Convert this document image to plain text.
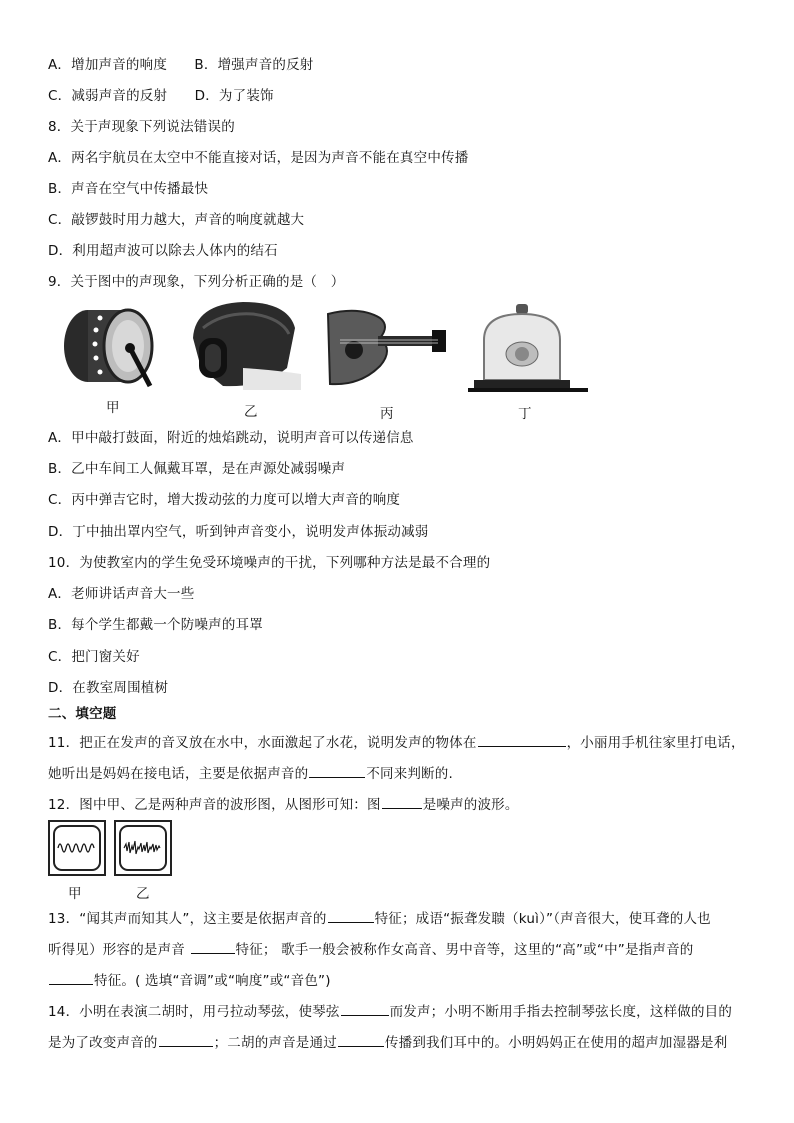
A．增加声音的响度　　B．增强声音的反射
C．减弱声音的反射　　D．为了装饰
8．关于声现象下列说法错误的
A．两名宇航员在太空中不能直接对话，是因为声音不能在真空中传播
B．声音在空气中传播最快
C．敲锣鼓时用力越大，声音的响度就越大
D．利用超声波可以除去人体内的结石
9．关于图中的声现象，下列分析正确的是（　）
甲	乙	丙	丁
A．甲中敲打鼓面，附近的烛焰跳动，说明声音可以传递信息
B．乙中车间工人佩戴耳罩，是在声源处减弱噪声
C．丙中弹吉它时，增大拨动弦的力度可以增大声音的响度
D．丁中抽出罩内空气，听到钟声音变小，说明发声体振动减弱
10．为使教室内的学生免受环境噪声的干扰，下列哪种方法是最不合理的
A．老师讲话声音大一些
B．每个学生都戴一个防噪声的耳罩
C．把门窗关好
D．在教室周围植树
二、填空题
11．把正在发声的音叉放在水中，水面激起了水花，说明发声的物体在	，小丽用手机往家里打电话，
她听出是妈妈在接电话，主要是依据声音的	不同来判断的.
12．图中甲、乙是两种声音的波形图，从图形可知：图	是噪声的波形。
甲	乙
13．“闻其声而知其人”，这主要是依据声音的	特征；成语“振聋发聩（kuì）”（声音很大，使耳聋的人也
听得见）形容的是声音	特征； 歌手一般会被称作女高音、男中音等，这里的“高”或“中”是指声音的
特征。( 选填“音调”或“响度”或“音色”)
14．小明在表演二胡时，用弓拉动琴弦，使琴弦	而发声；小明不断用手指去控制琴弦长度，这样做的目的
是为了改变声音的	；二胡的声音是通过	传播到我们耳中的。小明妈妈正在使用的超声加湿器是利
